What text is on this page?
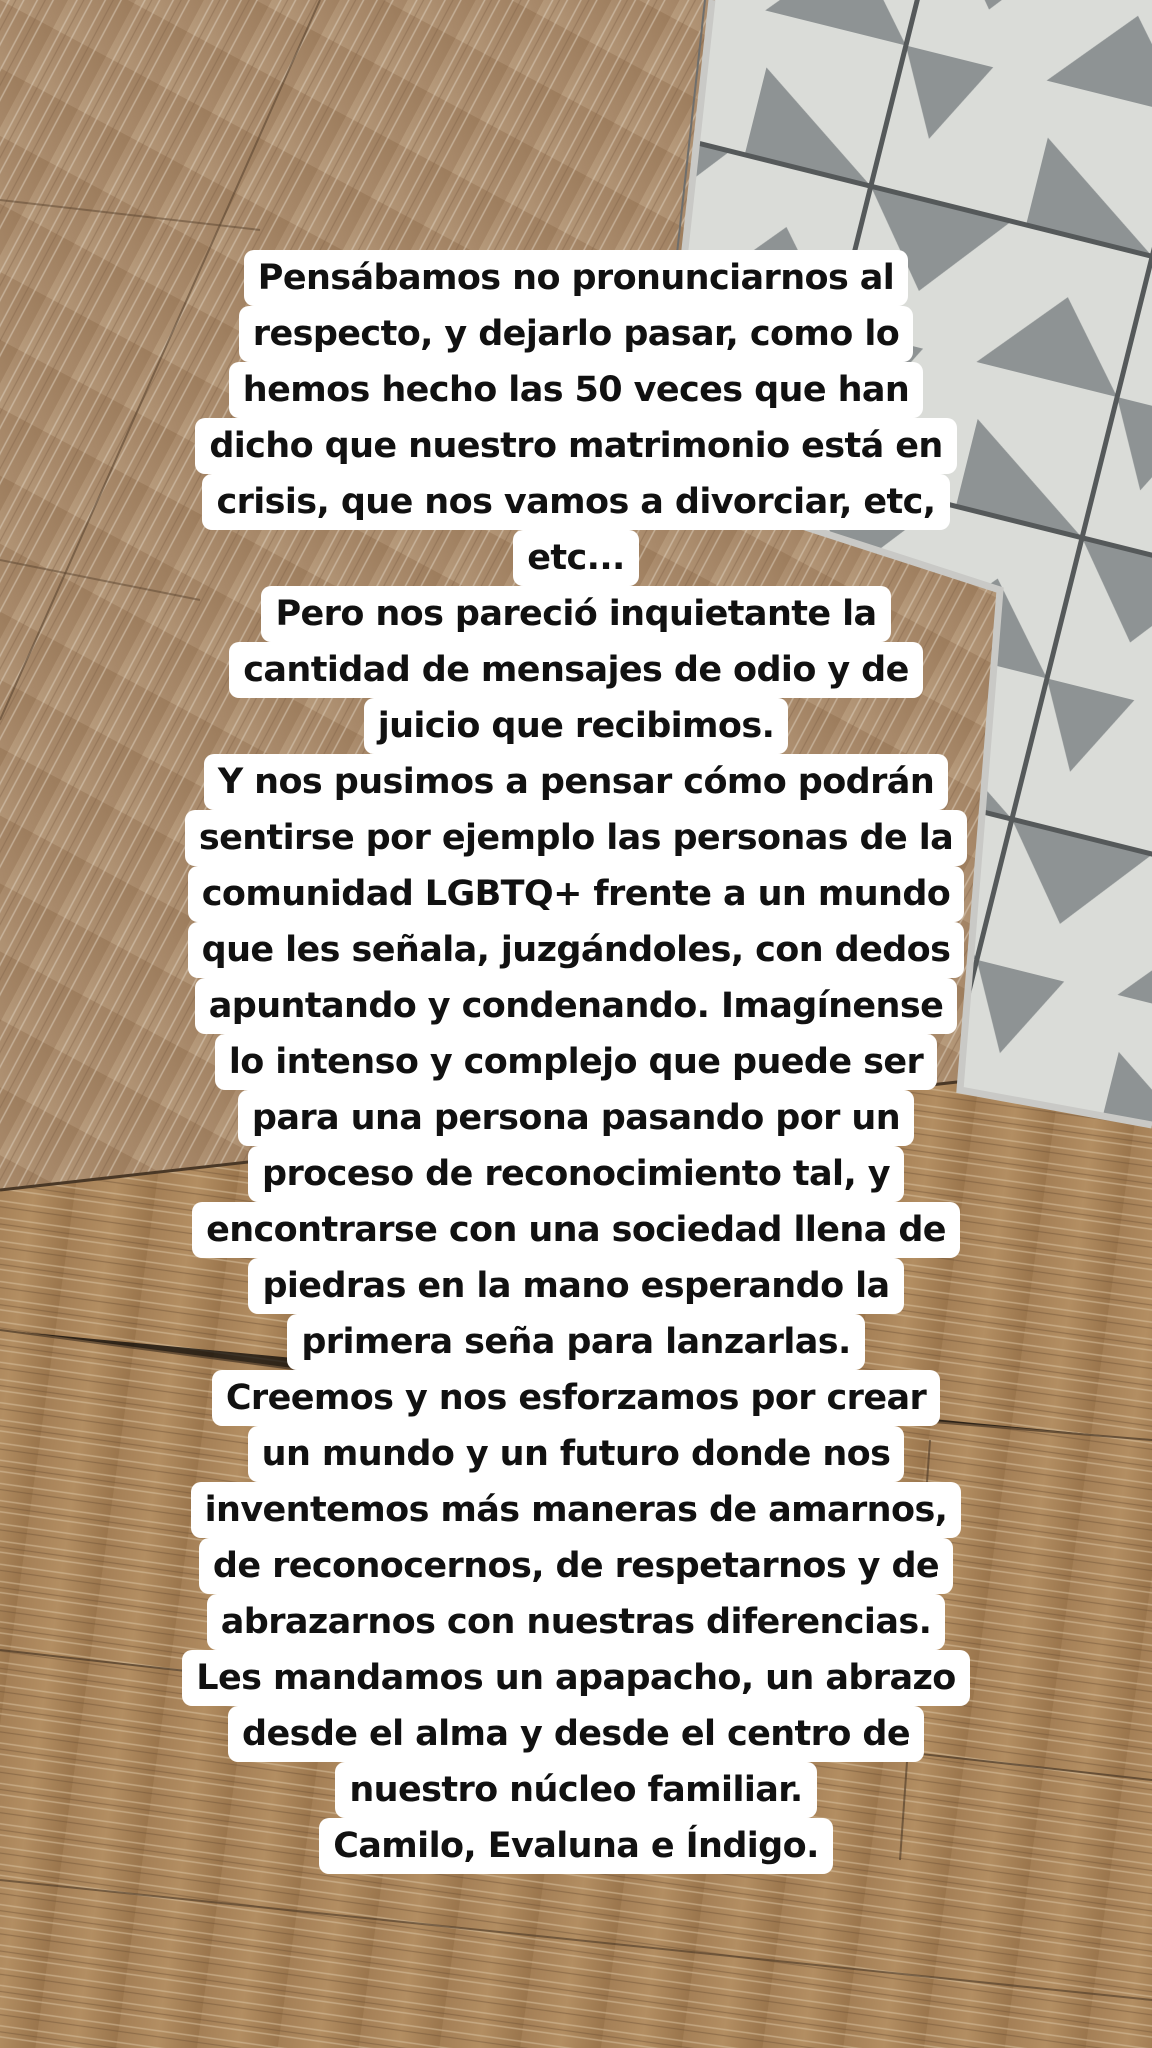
Pensábamos no pronunciarnos al
respecto, y dejarlo pasar, como lo
hemos hecho las 50 veces que han
dicho que nuestro matrimonio está en
crisis, que nos vamos a divorciar, etc,
etc...
Pero nos pareció inquietante la
cantidad de mensajes de odio y de
juicio que recibimos.
Y nos pusimos a pensar cómo podrán
sentirse por ejemplo las personas de la
comunidad LGBTQ+ frente a un mundo
que les señala, juzgándoles, con dedos
apuntando y condenando. Imagínense
lo intenso y complejo que puede ser
para una persona pasando por un
proceso de reconocimiento tal, y
encontrarse con una sociedad llena de
piedras en la mano esperando la
primera seña para lanzarlas.
Creemos y nos esforzamos por crear
un mundo y un futuro donde nos
inventemos más maneras de amarnos,
de reconocernos, de respetarnos y de
abrazarnos con nuestras diferencias.
Les mandamos un apapacho, un abrazo
desde el alma y desde el centro de
nuestro núcleo familiar.
Camilo, Evaluna e Índigo.
